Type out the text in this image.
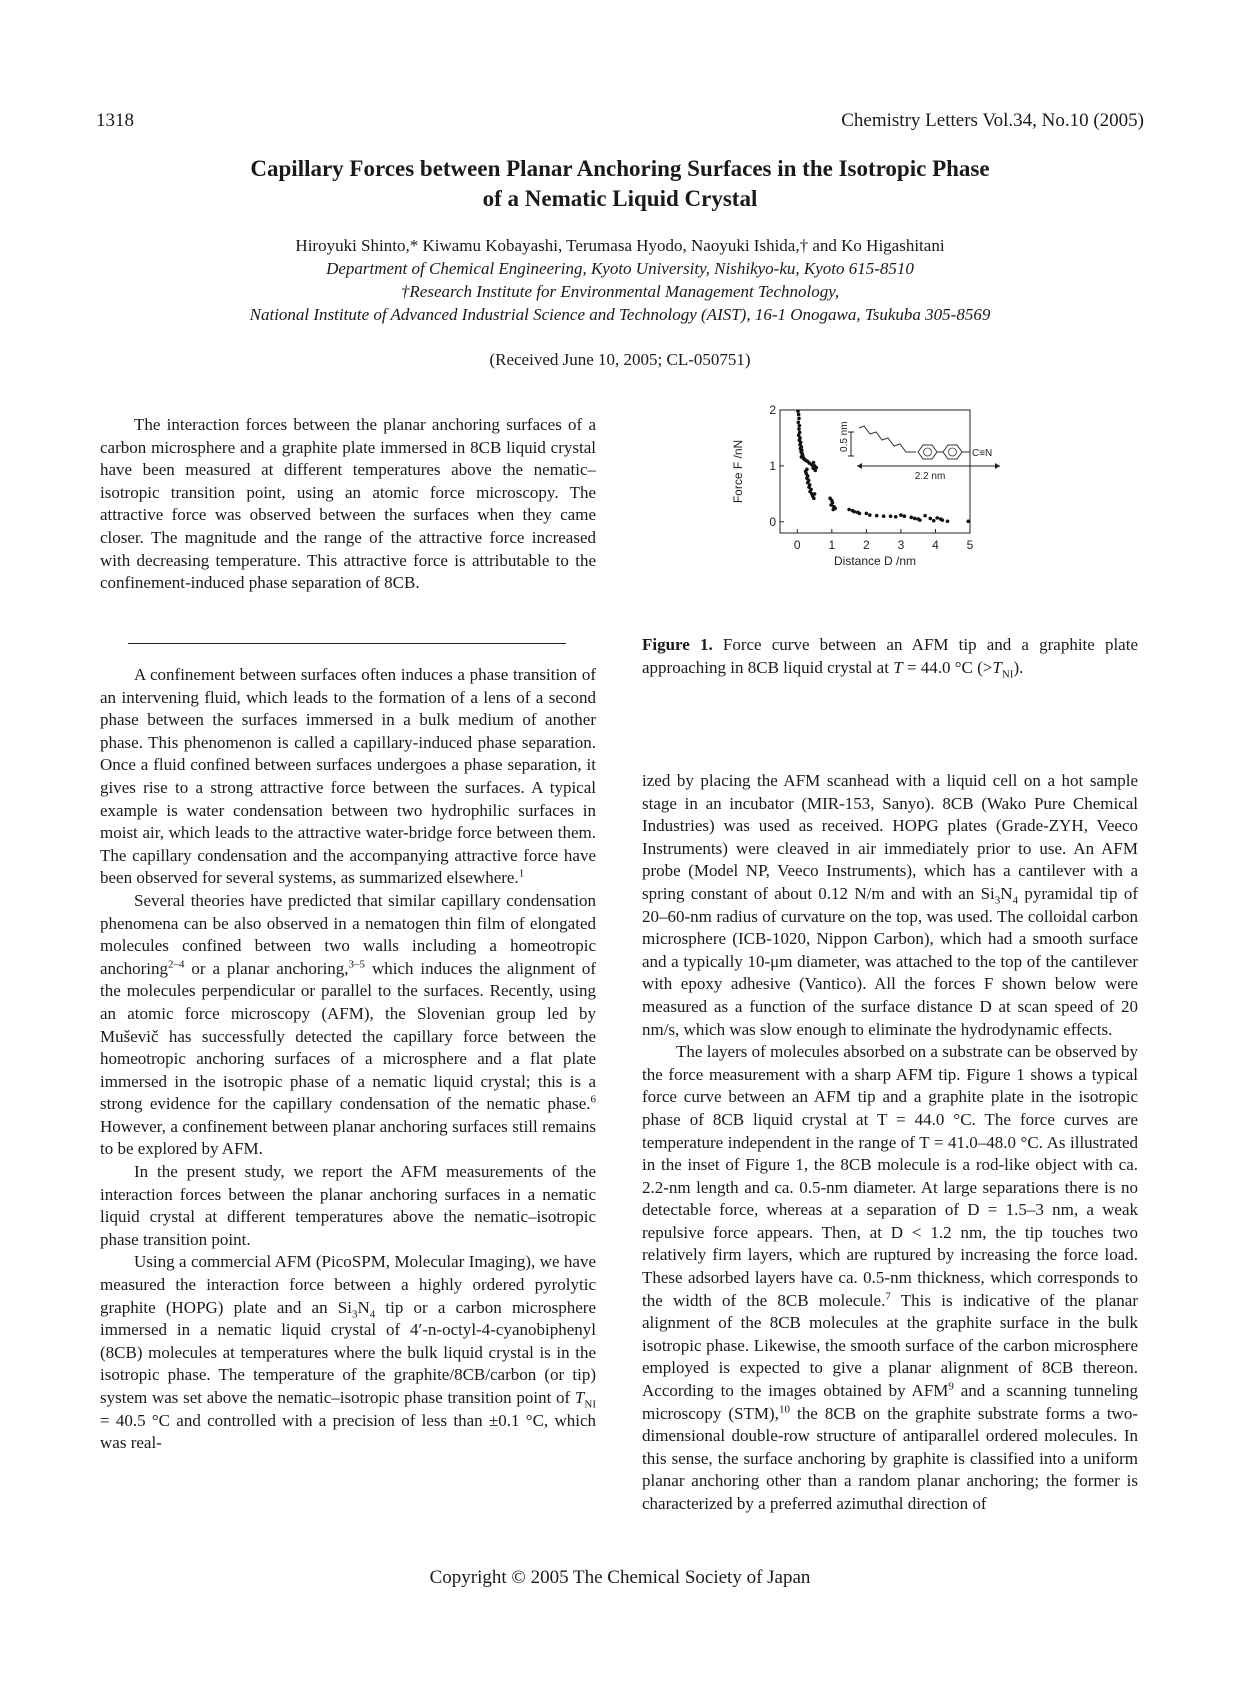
1318	Chemistry Letters Vol.34, No.10 (2005)
Capillary Forces between Planar Anchoring Surfaces in the Isotropic Phase
of a Nematic Liquid Crystal
Hiroyuki Shinto,* Kiwamu Kobayashi, Terumasa Hyodo, Naoyuki Ishida,† and Ko Higashitani
Department of Chemical Engineering, Kyoto University, Nishikyo-ku, Kyoto 615-8510
†Research Institute for Environmental Management Technology,
National Institute of Advanced Industrial Science and Technology (AIST), 16-1 Onogawa, Tsukuba 305-8569
(Received June 10, 2005; CL-050751)

The interaction forces between the planar anchoring surfaces of a carbon microsphere and a graphite plate immersed in 8CB liquid crystal have been measured at different temperatures above the nematic–isotropic transition point, using an atomic force microscopy. The attractive force was observed between the surfaces when they came closer. The magnitude and the range of the attractive force increased with decreasing temperature. This attractive force is attributable to the confinement-induced phase separation of 8CB.

A confinement between surfaces often induces a phase transition of an intervening fluid, which leads to the formation of a lens of a second phase between the surfaces immersed in a bulk medium of another phase. This phenomenon is called a capillary-induced phase separation. Once a fluid confined between surfaces undergoes a phase separation, it gives rise to a strong attractive force between the surfaces. A typical example is water condensation between two hydrophilic surfaces in moist air, which leads to the attractive water-bridge force between them. The capillary condensation and the accompanying attractive force have been observed for several systems, as summarized elsewhere.$^1$

Several theories have predicted that similar capillary condensation phenomena can be also observed in a nematogen thin film of elongated molecules confined between two walls including a homeotropic anchoring$^{2-4}$ or a planar anchoring,$^{3-5}$ which induces the alignment of the molecules perpendicular or parallel to the surfaces. Recently, using an atomic force microscopy (AFM), the Slovenian group led by Muševič has successfully detected the capillary force between the homeotropic anchoring surfaces of a microsphere and a flat plate immersed in the isotropic phase of a nematic liquid crystal; this is a strong evidence for the capillary condensation of the nematic phase.$^6$ However, a confinement between planar anchoring surfaces still remains to be explored by AFM.

In the present study, we report the AFM measurements of the interaction forces between the planar anchoring surfaces in a nematic liquid crystal at different temperatures above the nematic–isotropic phase transition point.

Using a commercial AFM (PicoSPM, Molecular Imaging), we have measured the interaction force between a highly ordered pyrolytic graphite (HOPG) plate and an $Si_3N_4$ tip or a carbon microsphere immersed in a nematic liquid crystal of 4′-n-octyl-4-cyanobiphenyl (8CB) molecules at temperatures where the bulk liquid crystal is in the isotropic phase. The temperature of the graphite/8CB/carbon (or tip) system was set above the nematic–isotropic phase transition point of $T_{NI} = 40.5$ °C and controlled with a precision of less than ±0.1 °C, which was real-

0 1 2 3 4 5
0
1
2
Distance D /nm
Force F /nN
0.5 nm
C≡N
2.2 nm
Figure 1. Force curve between an AFM tip and a graphite plate approaching in 8CB liquid crystal at T = 44.0 °C $(>T_{NI})$.

ized by placing the AFM scanhead with a liquid cell on a hot sample stage in an incubator (MIR-153, Sanyo). 8CB (Wako Pure Chemical Industries) was used as received. HOPG plates (Grade-ZYH, Veeco Instruments) were cleaved in air immediately prior to use. An AFM probe (Model NP, Veeco Instruments), which has a cantilever with a spring constant of about 0.12 N/m and with an $Si_3N_4$ pyramidal tip of 20–60-nm radius of curvature on the top, was used. The colloidal carbon microsphere (ICB-1020, Nippon Carbon), which had a smooth surface and a typically 10-μm diameter, was attached to the top of the cantilever with epoxy adhesive (Vantico). All the forces F shown below were measured as a function of the surface distance D at scan speed of 20 nm/s, which was slow enough to eliminate the hydrodynamic effects.

The layers of molecules absorbed on a substrate can be observed by the force measurement with a sharp AFM tip. Figure 1 shows a typical force curve between an AFM tip and a graphite plate in the isotropic phase of 8CB liquid crystal at T = 44.0 °C. The force curves are temperature independent in the range of T = 41.0–48.0 °C. As illustrated in the inset of Figure 1, the 8CB molecule is a rod-like object with ca. 2.2-nm length and ca. 0.5-nm diameter. At large separations there is no detectable force, whereas at a separation of D = 1.5–3 nm, a weak repulsive force appears. Then, at D < 1.2 nm, the tip touches two relatively firm layers, which are ruptured by increasing the force load. These adsorbed layers have ca. 0.5-nm thickness, which corresponds to the width of the 8CB molecule.$^7$ This is indicative of the planar alignment of the 8CB molecules at the graphite surface in the bulk isotropic phase. Likewise, the smooth surface of the carbon microsphere employed is expected to give a planar alignment of 8CB thereon. According to the images obtained by AFM$^9$ and a scanning tunneling microscopy (STM),$^{10}$ the 8CB on the graphite substrate forms a two-dimensional double-row structure of antiparallel ordered molecules. In this sense, the surface anchoring by graphite is classified into a uniform planar anchoring other than a random planar anchoring; the former is characterized by a preferred azimuthal direction of

Copyright © 2005 The Chemical Society of Japan
